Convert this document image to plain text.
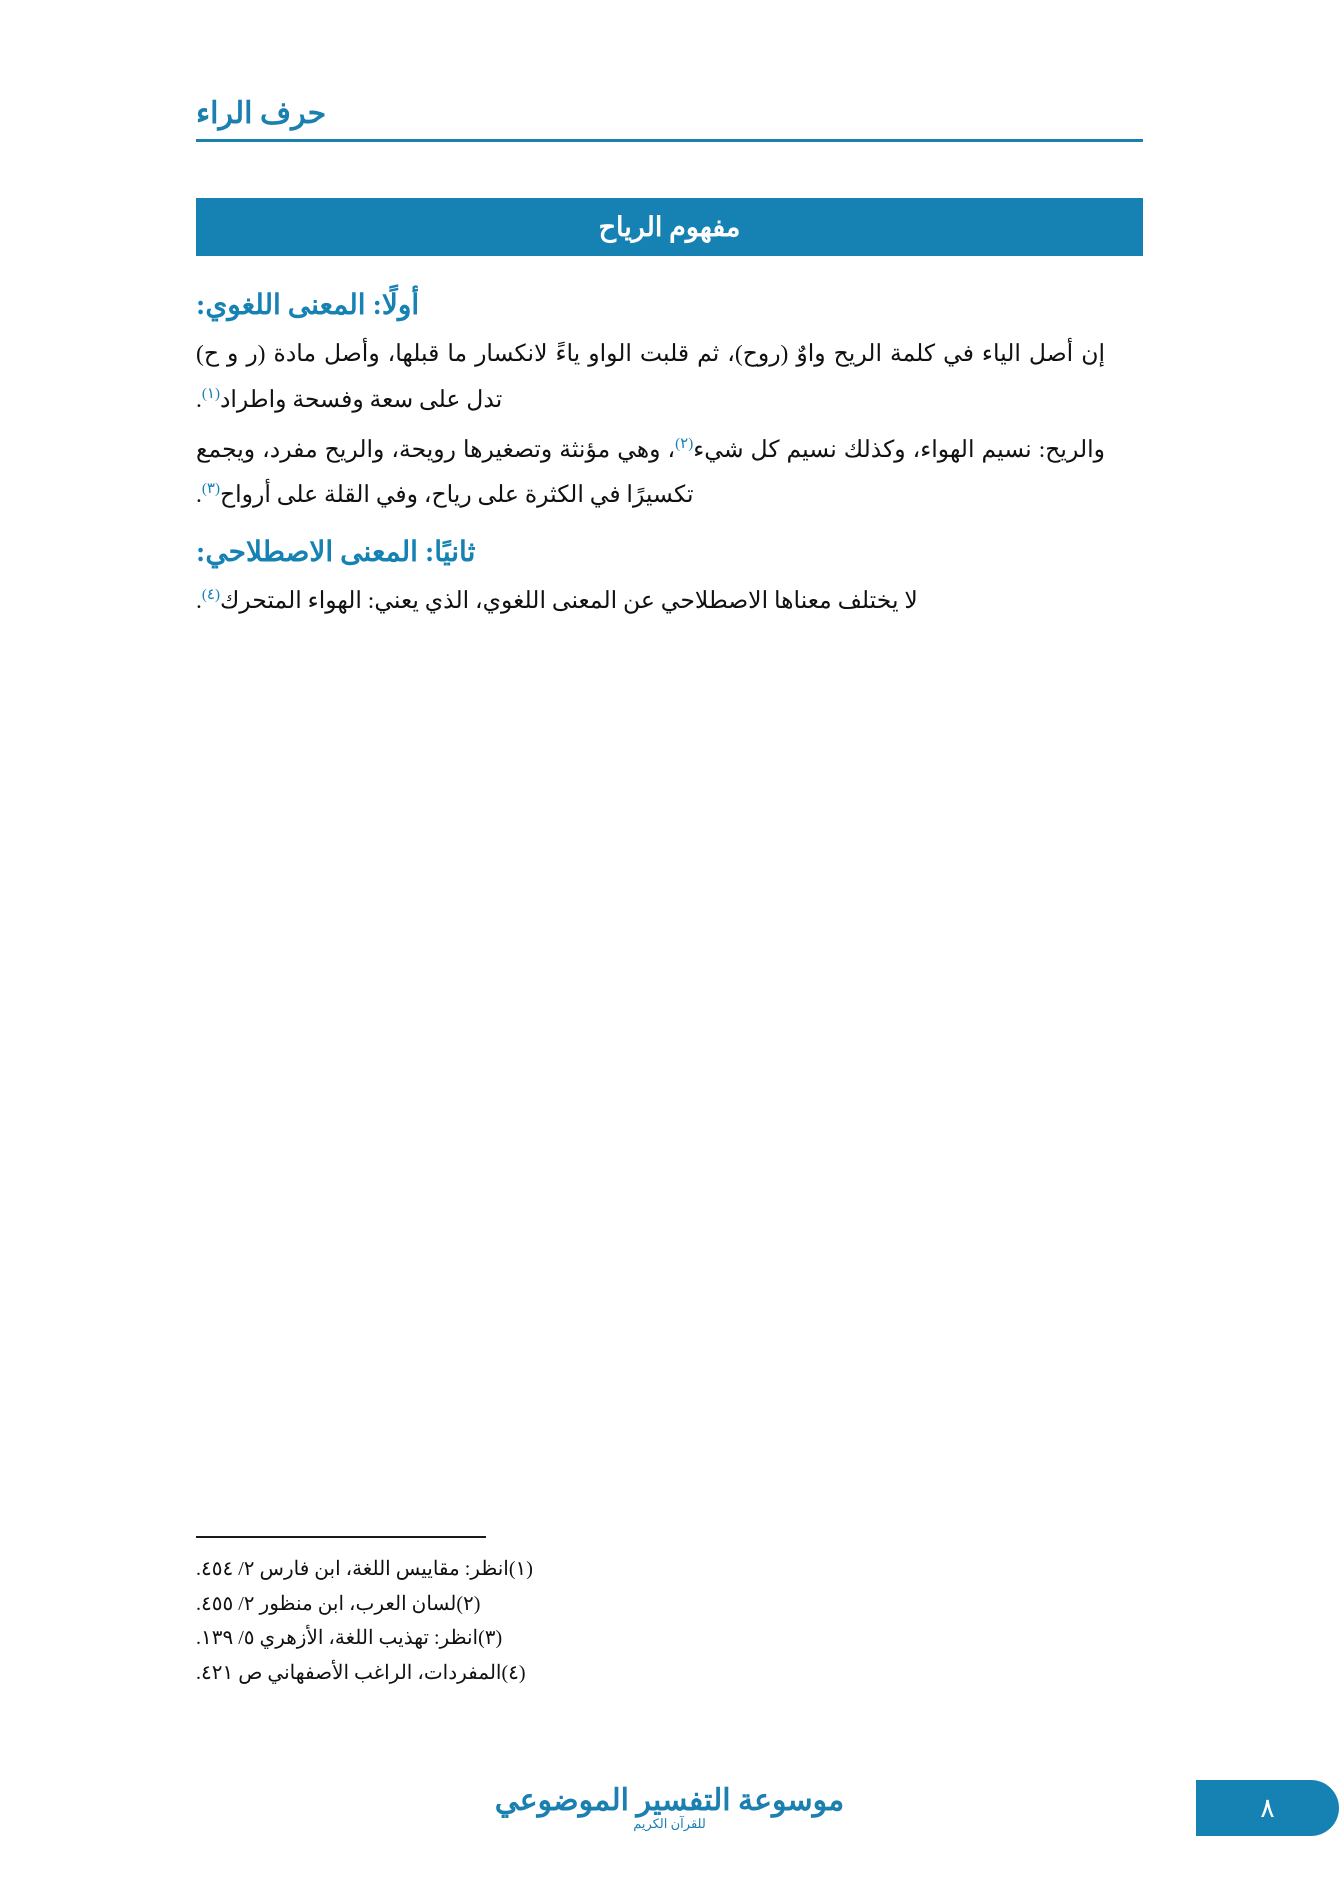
حرف الراء
مفهوم الرياح
أولًا: المعنى اللغوي:

إن أصل الياء في كلمة الريح واوٌ (روح)، ثم قلبت الواو ياءً لانكسار ما قبلها، وأصل مادة (ر و ح) تدل على سعة وفسحة واطراد$^{(١)}$.

والريح: نسيم الهواء، وكذلك نسيم كل شيء$^{(٢)}$، وهي مؤنثة وتصغيرها رويحة، والريح مفرد، ويجمع تكسيرًا في الكثرة على رياح، وفي القلة على أرواح$^{(٣)}$.

ثانيًا: المعنى الاصطلاحي:

لا يختلف معناها الاصطلاحي عن المعنى اللغوي، الذي يعني: الهواء المتحرك$^{(٤)}$.

(١)انظر: مقاييس اللغة، ابن فارس ٢/ ٤٥٤.
(٢)لسان العرب، ابن منظور ٢/ ٤٥٥.
(٣)انظر: تهذيب اللغة، الأزهري ٥/ ١٣٩.
(٤)المفردات، الراغب الأصفهاني ص ٤٢١.
موسوعة التفسير الموضوعي
للقرآن الكريم
٨
